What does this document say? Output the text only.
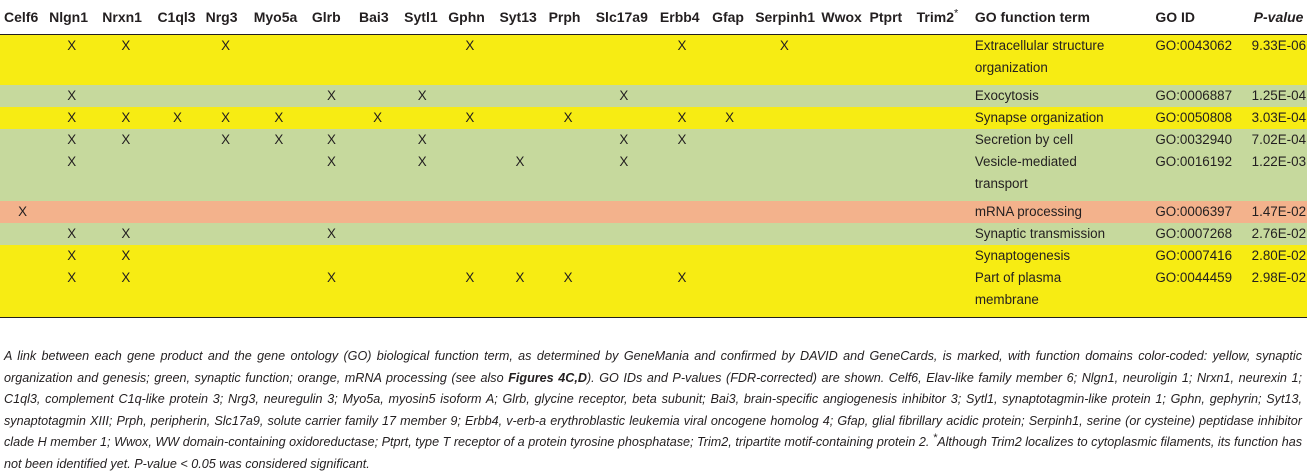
Celf6	Nlgn1	Nrxn1	C1ql3	Nrg3	Myo5a	Glrb	Bai3	Sytl1	Gphn	Syt13	Prph	Slc17a9	Erbb4	Gfap	Serpinh1	Wwox	Ptprt	Trim2*	GO function term	GO ID	P-value
	X	X		X					X				X		X				Extracellular structure
organization	GO:0043062	9.33E-06
	X					X		X				X							Exocytosis	GO:0006887	1.25E-04
	X	X	X	X	X		X		X		X		X	X					Synapse organization	GO:0050808	3.03E-04
	X	X		X	X	X		X				X	X						Secretion by cell	GO:0032940	7.02E-04
	X					X		X		X		X							Vesicle-mediated
transport	GO:0016192	1.22E-03
X																			mRNA processing	GO:0006397	1.47E-02
	X	X				X													Synaptic transmission	GO:0007268	2.76E-02
	X	X																	Synaptogenesis	GO:0007416	2.80E-02
	X	X				X			X	X	X		X						Part of plasma
membrane	GO:0044459	2.98E-02
A link between each gene product and the gene ontology (GO) biological function term, as determined by GeneMania and confirmed by DAVID and GeneCards, is marked, with function domains color-coded: yellow, synaptic organization and genesis; green, synaptic function; orange, mRNA processing (see also Figures 4C,D). GO IDs and P-values (FDR-corrected) are shown. Celf6, Elav-like family member 6; Nlgn1, neuroligin 1; Nrxn1, neurexin 1; C1ql3, complement C1q-like protein 3; Nrg3, neuregulin 3; Myo5a, myosin5 isoform A; Glrb, glycine receptor, beta subunit; Bai3, brain-specific angiogenesis inhibitor 3; Sytl1, synaptotagmin-like protein 1; Gphn, gephyrin; Syt13, synaptotagmin XIII; Prph, peripherin, Slc17a9, solute carrier family 17 member 9; Erbb4, v-erb-a erythroblastic leukemia viral oncogene homolog 4; Gfap, glial fibrillary acidic protein; Serpinh1, serine (or cysteine) peptidase inhibitor clade H member 1; Wwox, WW domain-containing oxidoreductase; Ptprt, type T receptor of a protein tyrosine phosphatase; Trim2, tripartite motif-containing protein 2. *Although Trim2 localizes to cytoplasmic filaments, its function has not been identified yet. P-value < 0.05 was considered significant.
